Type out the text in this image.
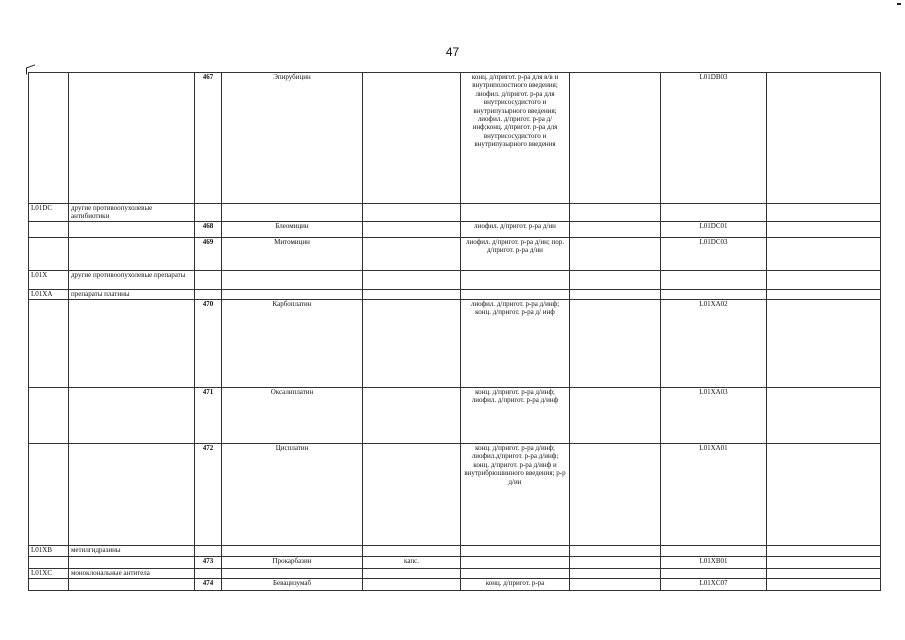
47
		467	Эпирубицин		конц. д/пригот. р-ра для в/в и внутриполостного введения; лиофил. д/пригот. р-ра для внутрисосудистого и внутрипузырного введения; лиофил. д/пригот. р-ра д/инф;конц. д/пригот. р-ра для внутрисосудистого и внутрипузырного введения		L01DB03	
L01DC	другие противоопухолевые антибиотики							
		468	Блеомицин		лиофил. д/пригот. р-ра д/ин		L01DC01	
		469	Митомицин		лиофил. д/пригот. р-ра д/ин; пор. д/пригот. р-ра д/ин		L01DC03	
L01X	другие противоопухолевые препараты							
L01XA	препараты платины							
		470	Карбоплатин		лиофил. д/пригот. р-ра д/инф; конц. д/пригот. р-ра д/ инф		L01XA02	
		471	Оксалиплатин		конц. д/пригот. р-ра д/инф; лиофил. д/пригот. р-ра д/инф		L01XA03	
		472	Цисплатин		конц. д/пригот. р-ра д/инф; лиофил.д/пригот. р-ра д/инф; конц. д/пригот. р-ра д/инф и внутрибрюшинного введения; р-р д/ин		L01XA01	
L01XB	метилгидразины							
		473	Прокарбазин	капс.			L01XB01	
L01XC	моноклональные антитела							
		474	Бевацизумаб		конц. д/пригот. р-ра		L01XC07	
